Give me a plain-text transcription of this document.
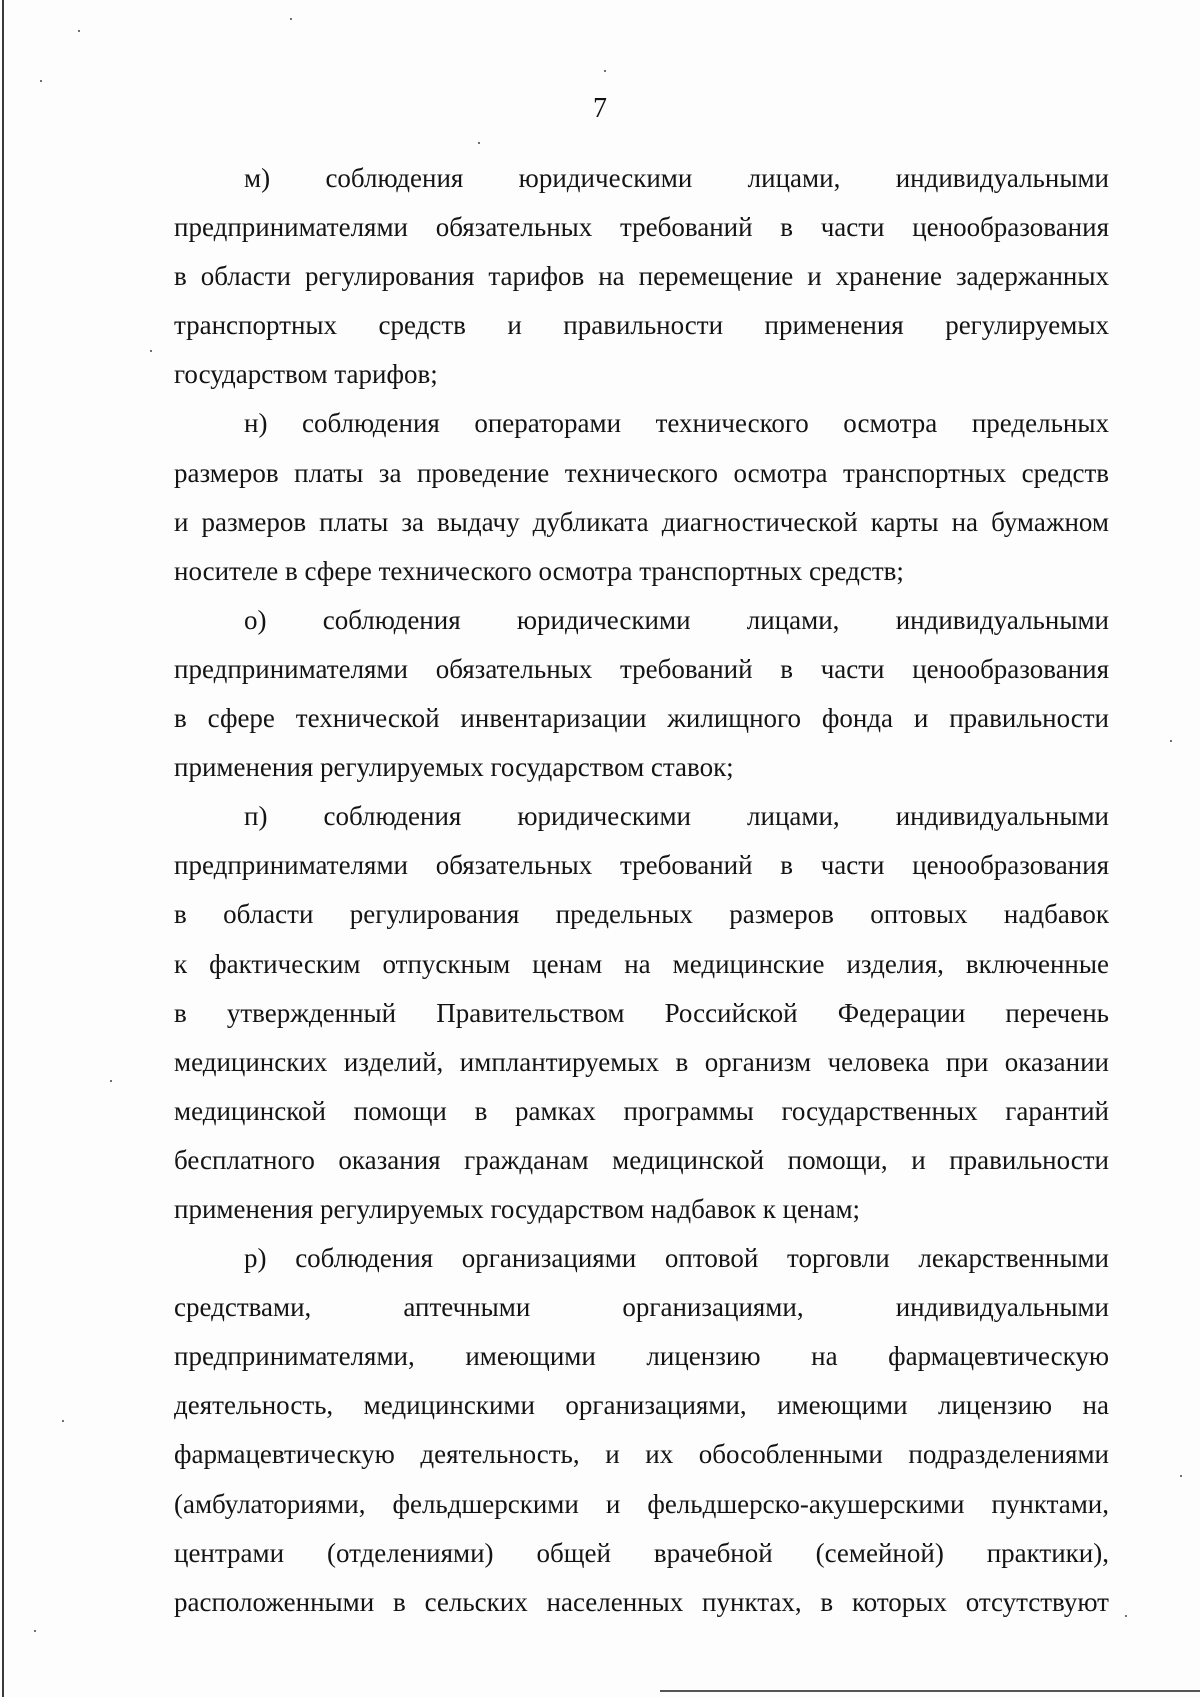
7
м) соблюдения юридическими лицами, индивидуальными
предпринимателями обязательных требований в части ценообразования
в области регулирования тарифов на перемещение и хранение задержанных
транспортных средств и правильности применения регулируемых
государством тарифов;
н) соблюдения операторами технического осмотра предельных
размеров платы за проведение технического осмотра транспортных средств
и размеров платы за выдачу дубликата диагностической карты на бумажном
носителе в сфере технического осмотра транспортных средств;
о) соблюдения юридическими лицами, индивидуальными
предпринимателями обязательных требований в части ценообразования
в сфере технической инвентаризации жилищного фонда и правильности
применения регулируемых государством ставок;
п) соблюдения юридическими лицами, индивидуальными
предпринимателями обязательных требований в части ценообразования
в области регулирования предельных размеров оптовых надбавок
к фактическим отпускным ценам на медицинские изделия, включенные
в утвержденный Правительством Российской Федерации перечень
медицинских изделий, имплантируемых в организм человека при оказании
медицинской помощи в рамках программы государственных гарантий
бесплатного оказания гражданам медицинской помощи, и правильности
применения регулируемых государством надбавок к ценам;
р) соблюдения организациями оптовой торговли лекарственными
средствами, аптечными организациями, индивидуальными
предпринимателями, имеющими лицензию на фармацевтическую
деятельность, медицинскими организациями, имеющими лицензию на
фармацевтическую деятельность, и их обособленными подразделениями
(амбулаториями, фельдшерскими и фельдшерско-акушерскими пунктами,
центрами (отделениями) общей врачебной (семейной) практики),
расположенными в сельских населенных пунктах, в которых отсутствуют
